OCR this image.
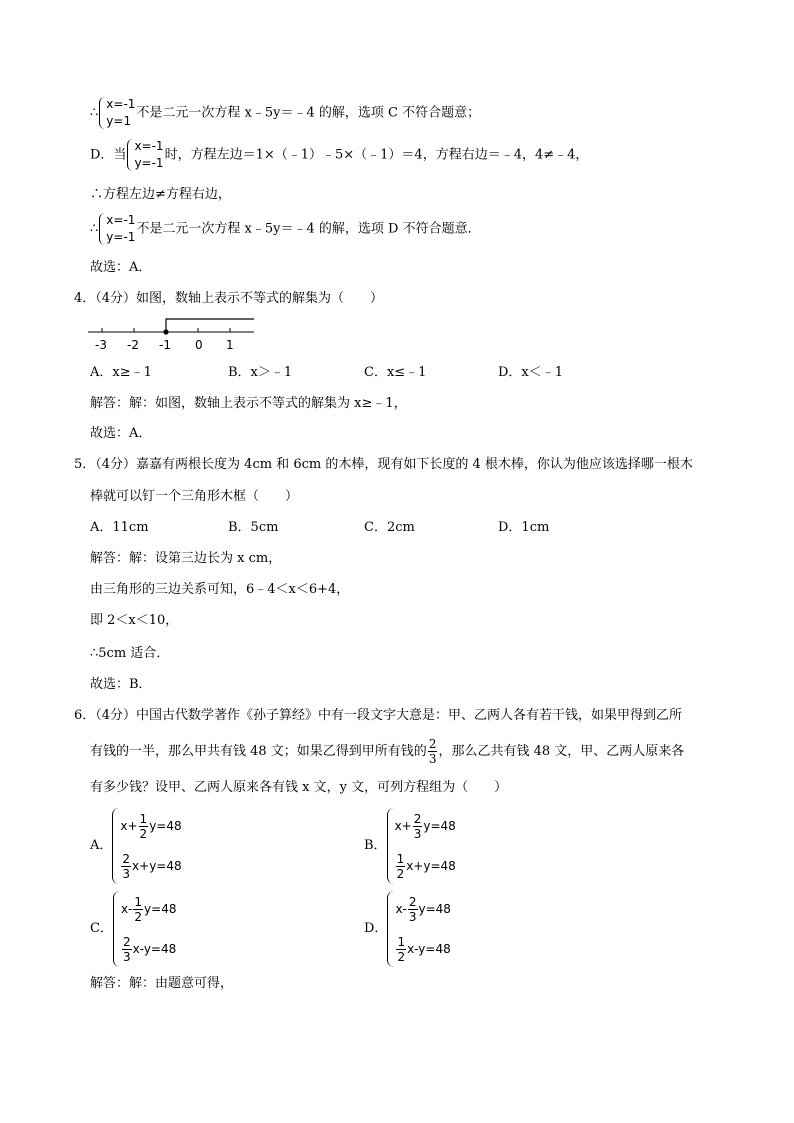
∴
x=-1
y=1
不是二元一次方程 x﹣5y＝﹣4 的解，选项 C 不符合题意；
D．当
x=-1
y=-1
时，方程左边＝1×（﹣1）﹣5×（﹣1）＝4，方程右边＝﹣4，4≠﹣4，
∴方程左边≠方程右边，
∴
x=-1
y=-1
不是二元一次方程 x﹣5y＝﹣4 的解，选项 D 不符合题意．
故选：A．
4．（4分）如图，数轴上表示不等式的解集为（　　）
-3 -2 -1 0 1
A．x≥﹣1	B．x＞﹣1	C．x≤﹣1	D．x＜﹣1
解答：解：如图，数轴上表示不等式的解集为 x≥﹣1，
故选：A．
5．（4分）嘉嘉有两根长度为 4cm 和 6cm 的木棒，现有如下长度的 4 根木棒，你认为他应该选择哪一根木
棒就可以钉一个三角形木框（　　）
A．11cm	B．5cm	C．2cm	D．1cm
解答：解：设第三边长为 x cm，
由三角形的三边关系可知，6﹣4＜x＜6+4，
即 2＜x＜10，
∴5cm 适合．
故选：B．
6．（4分）中国古代数学著作《孙子算经》中有一段文字大意是：甲、乙两人各有若干钱，如果甲得到乙所
有钱的一半，那么甲共有钱 48 文；如果乙得到甲所有钱的 $\frac{2}{3}$ ，那么乙共有钱 48 文，甲、乙两人原来各
有多少钱？设甲、乙两人原来各有钱 x 文，y 文，可列方程组为（　　）
A．
$x+ \frac{1}{2} y=48$
$\frac{2}{3} x+y=48$
B．
$x+ \frac{2}{3} y=48$
$\frac{1}{2} x+y=48$
C．
$x- \frac{1}{2} y=48$
$\frac{2}{3} x-y=48$
D．
$x- \frac{2}{3} y=48$
$\frac{1}{2} x-y=48$
解答：解：由题意可得，
